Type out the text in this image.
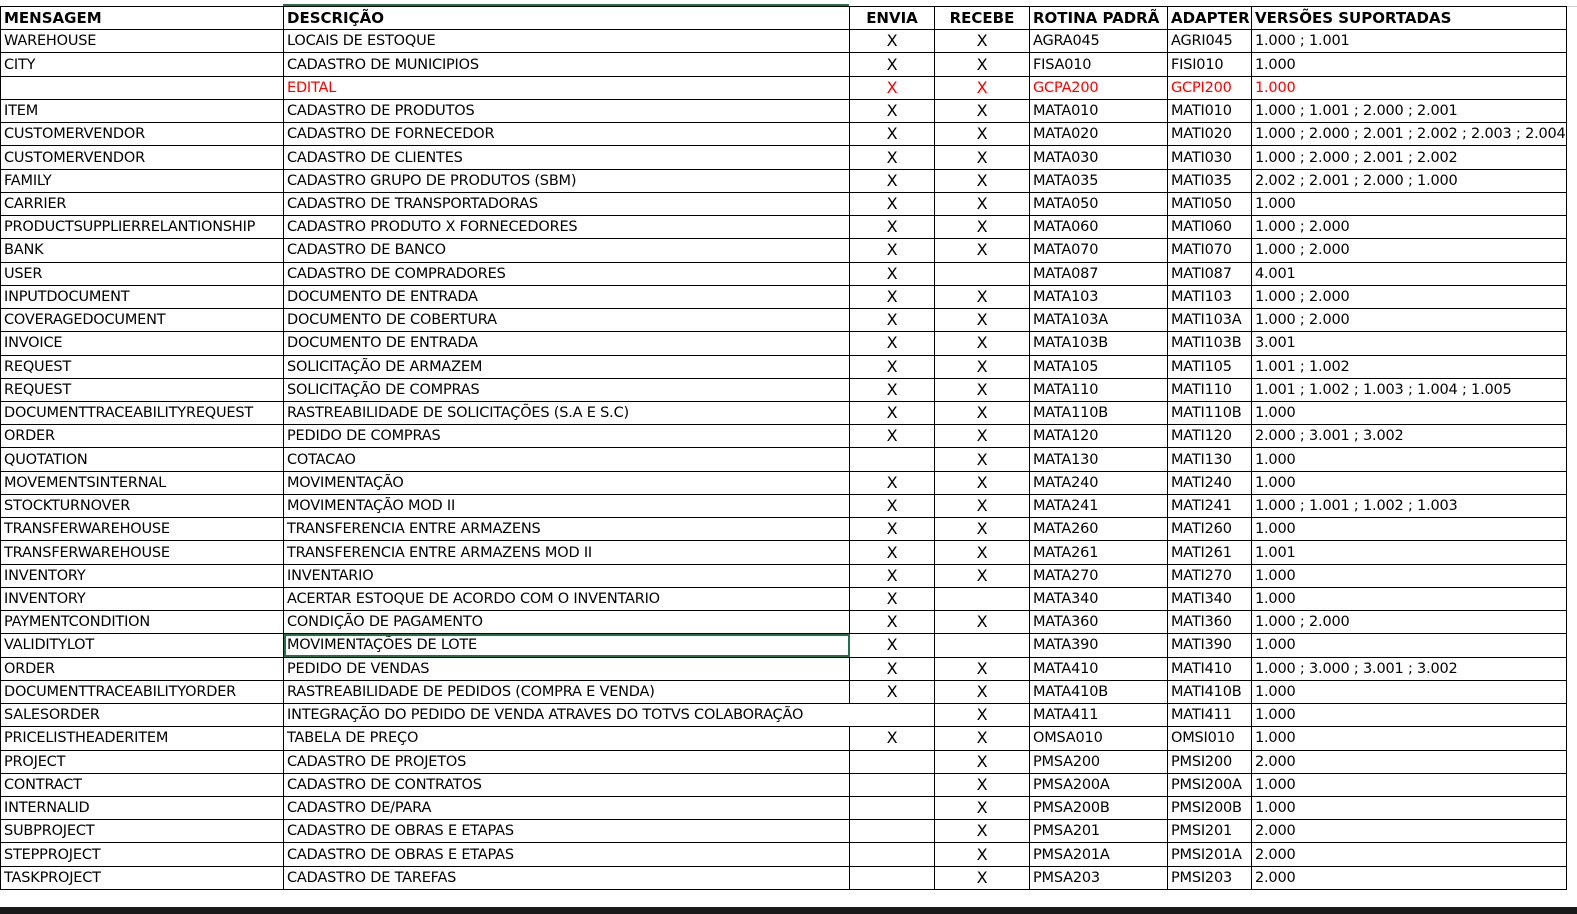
MENSAGEM	DESCRIÇÃO	ENVIA	RECEBE	ROTINA PADRÃ	ADAPTER	VERSÕES SUPORTADAS
WAREHOUSE	LOCAIS DE ESTOQUE	X	X	AGRA045	AGRI045	1.000 ; 1.001
CITY	CADASTRO DE MUNICIPIOS	X	X	FISA010	FISI010	1.000
	EDITAL	X	X	GCPA200	GCPI200	1.000
ITEM	CADASTRO DE PRODUTOS	X	X	MATA010	MATI010	1.000 ; 1.001 ; 2.000 ; 2.001
CUSTOMERVENDOR	CADASTRO DE FORNECEDOR	X	X	MATA020	MATI020	1.000 ; 2.000 ; 2.001 ; 2.002 ; 2.003 ; 2.004
CUSTOMERVENDOR	CADASTRO DE CLIENTES	X	X	MATA030	MATI030	1.000 ; 2.000 ; 2.001 ; 2.002
FAMILY	CADASTRO GRUPO DE PRODUTOS (SBM)	X	X	MATA035	MATI035	2.002 ; 2.001 ; 2.000 ; 1.000
CARRIER	CADASTRO DE TRANSPORTADORAS	X	X	MATA050	MATI050	1.000
PRODUCTSUPPLIERRELANTIONSHIP	CADASTRO PRODUTO X FORNECEDORES	X	X	MATA060	MATI060	1.000 ; 2.000
BANK	CADASTRO DE BANCO	X	X	MATA070	MATI070	1.000 ; 2.000
USER	CADASTRO DE COMPRADORES	X		MATA087	MATI087	4.001
INPUTDOCUMENT	DOCUMENTO DE ENTRADA	X	X	MATA103	MATI103	1.000 ; 2.000
COVERAGEDOCUMENT	DOCUMENTO DE COBERTURA	X	X	MATA103A	MATI103A	1.000 ; 2.000
INVOICE	DOCUMENTO DE ENTRADA	X	X	MATA103B	MATI103B	3.001
REQUEST	SOLICITAÇÃO DE ARMAZEM	X	X	MATA105	MATI105	1.001 ; 1.002
REQUEST	SOLICITAÇÃO DE COMPRAS	X	X	MATA110	MATI110	1.001 ; 1.002 ; 1.003 ; 1.004 ; 1.005
DOCUMENTTRACEABILITYREQUEST	RASTREABILIDADE DE SOLICITAÇÕES (S.A E S.C)	X	X	MATA110B	MATI110B	1.000
ORDER	PEDIDO DE COMPRAS	X	X	MATA120	MATI120	2.000 ; 3.001 ; 3.002
QUOTATION	COTACAO		X	MATA130	MATI130	1.000
MOVEMENTSINTERNAL	MOVIMENTAÇÃO	X	X	MATA240	MATI240	1.000
STOCKTURNOVER	MOVIMENTAÇÃO MOD II	X	X	MATA241	MATI241	1.000 ; 1.001 ; 1.002 ; 1.003
TRANSFERWAREHOUSE	TRANSFERENCIA ENTRE ARMAZENS	X	X	MATA260	MATI260	1.000
TRANSFERWAREHOUSE	TRANSFERENCIA ENTRE ARMAZENS MOD II	X	X	MATA261	MATI261	1.001
INVENTORY	INVENTARIO	X	X	MATA270	MATI270	1.000
INVENTORY	ACERTAR ESTOQUE DE ACORDO COM O INVENTARIO	X		MATA340	MATI340	1.000
PAYMENTCONDITION	CONDIÇÃO DE PAGAMENTO	X	X	MATA360	MATI360	1.000 ; 2.000
VALIDITYLOT	MOVIMENTAÇÕES DE LOTE	X		MATA390	MATI390	1.000
ORDER	PEDIDO DE VENDAS	X	X	MATA410	MATI410	1.000 ; 3.000 ; 3.001 ; 3.002
DOCUMENTTRACEABILITYORDER	RASTREABILIDADE DE PEDIDOS (COMPRA E VENDA)	X	X	MATA410B	MATI410B	1.000
SALESORDER	INTEGRAÇÃO DO PEDIDO DE VENDA ATRAVES DO TOTVS COLABORAÇÃO		X	MATA411	MATI411	1.000
PRICELISTHEADERITEM	TABELA DE PREÇO	X	X	OMSA010	OMSI010	1.000
PROJECT	CADASTRO DE PROJETOS		X	PMSA200	PMSI200	2.000
CONTRACT	CADASTRO DE CONTRATOS		X	PMSA200A	PMSI200A	1.000
INTERNALID	CADASTRO DE/PARA		X	PMSA200B	PMSI200B	1.000
SUBPROJECT	CADASTRO DE OBRAS E ETAPAS		X	PMSA201	PMSI201	2.000
STEPPROJECT	CADASTRO DE OBRAS E ETAPAS		X	PMSA201A	PMSI201A	2.000
TASKPROJECT	CADASTRO DE TAREFAS		X	PMSA203	PMSI203	2.000
